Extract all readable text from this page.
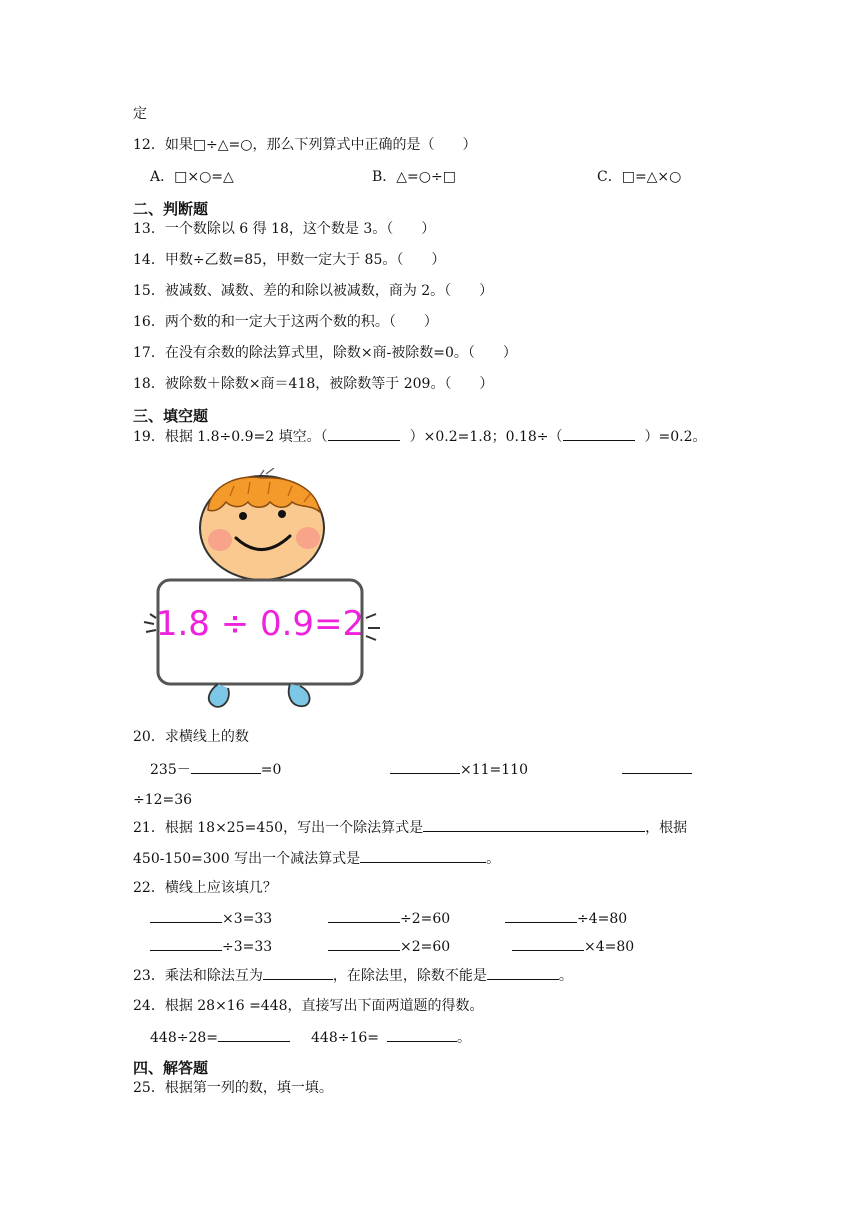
定
12．如果□÷△=○，那么下列算式中正确的是（　　）
A．□×○=△	B．△=○÷□	C．□=△×○
二、判断题
13．一个数除以 6 得 18，这个数是 3。（　　）
14．甲数÷乙数=85，甲数一定大于 85。（　　）
15．被减数、减数、差的和除以被减数，商为 2。（　　）
16．两个数的和一定大于这两个数的积。（　　）
17．在没有余数的除法算式里，除数×商-被除数=0。（　　）
18．被除数＋除数×商＝418，被除数等于 209。（　　）
三、填空题
19．根据 1.8÷0.9=2 填空。（	）×0.2=1.8；0.18÷（	）=0.2。
1.8 ÷ 0.9=2
20．求横线上的数
235－	=0	×11=110
÷12=36
21．根据 18×25=450，写出一个除法算式是	，根据
450-150=300 写出一个减法算式是	。
22．横线上应该填几？
×3=33	÷2=60	÷4=80
÷3=33	×2=60	×4=80
23．乘法和除法互为	，在除法里，除数不能是	。
24．根据 28×16 =448，直接写出下面两道题的得数。
448÷28=	448÷16=	。
四、解答题
25．根据第一列的数，填一填。
